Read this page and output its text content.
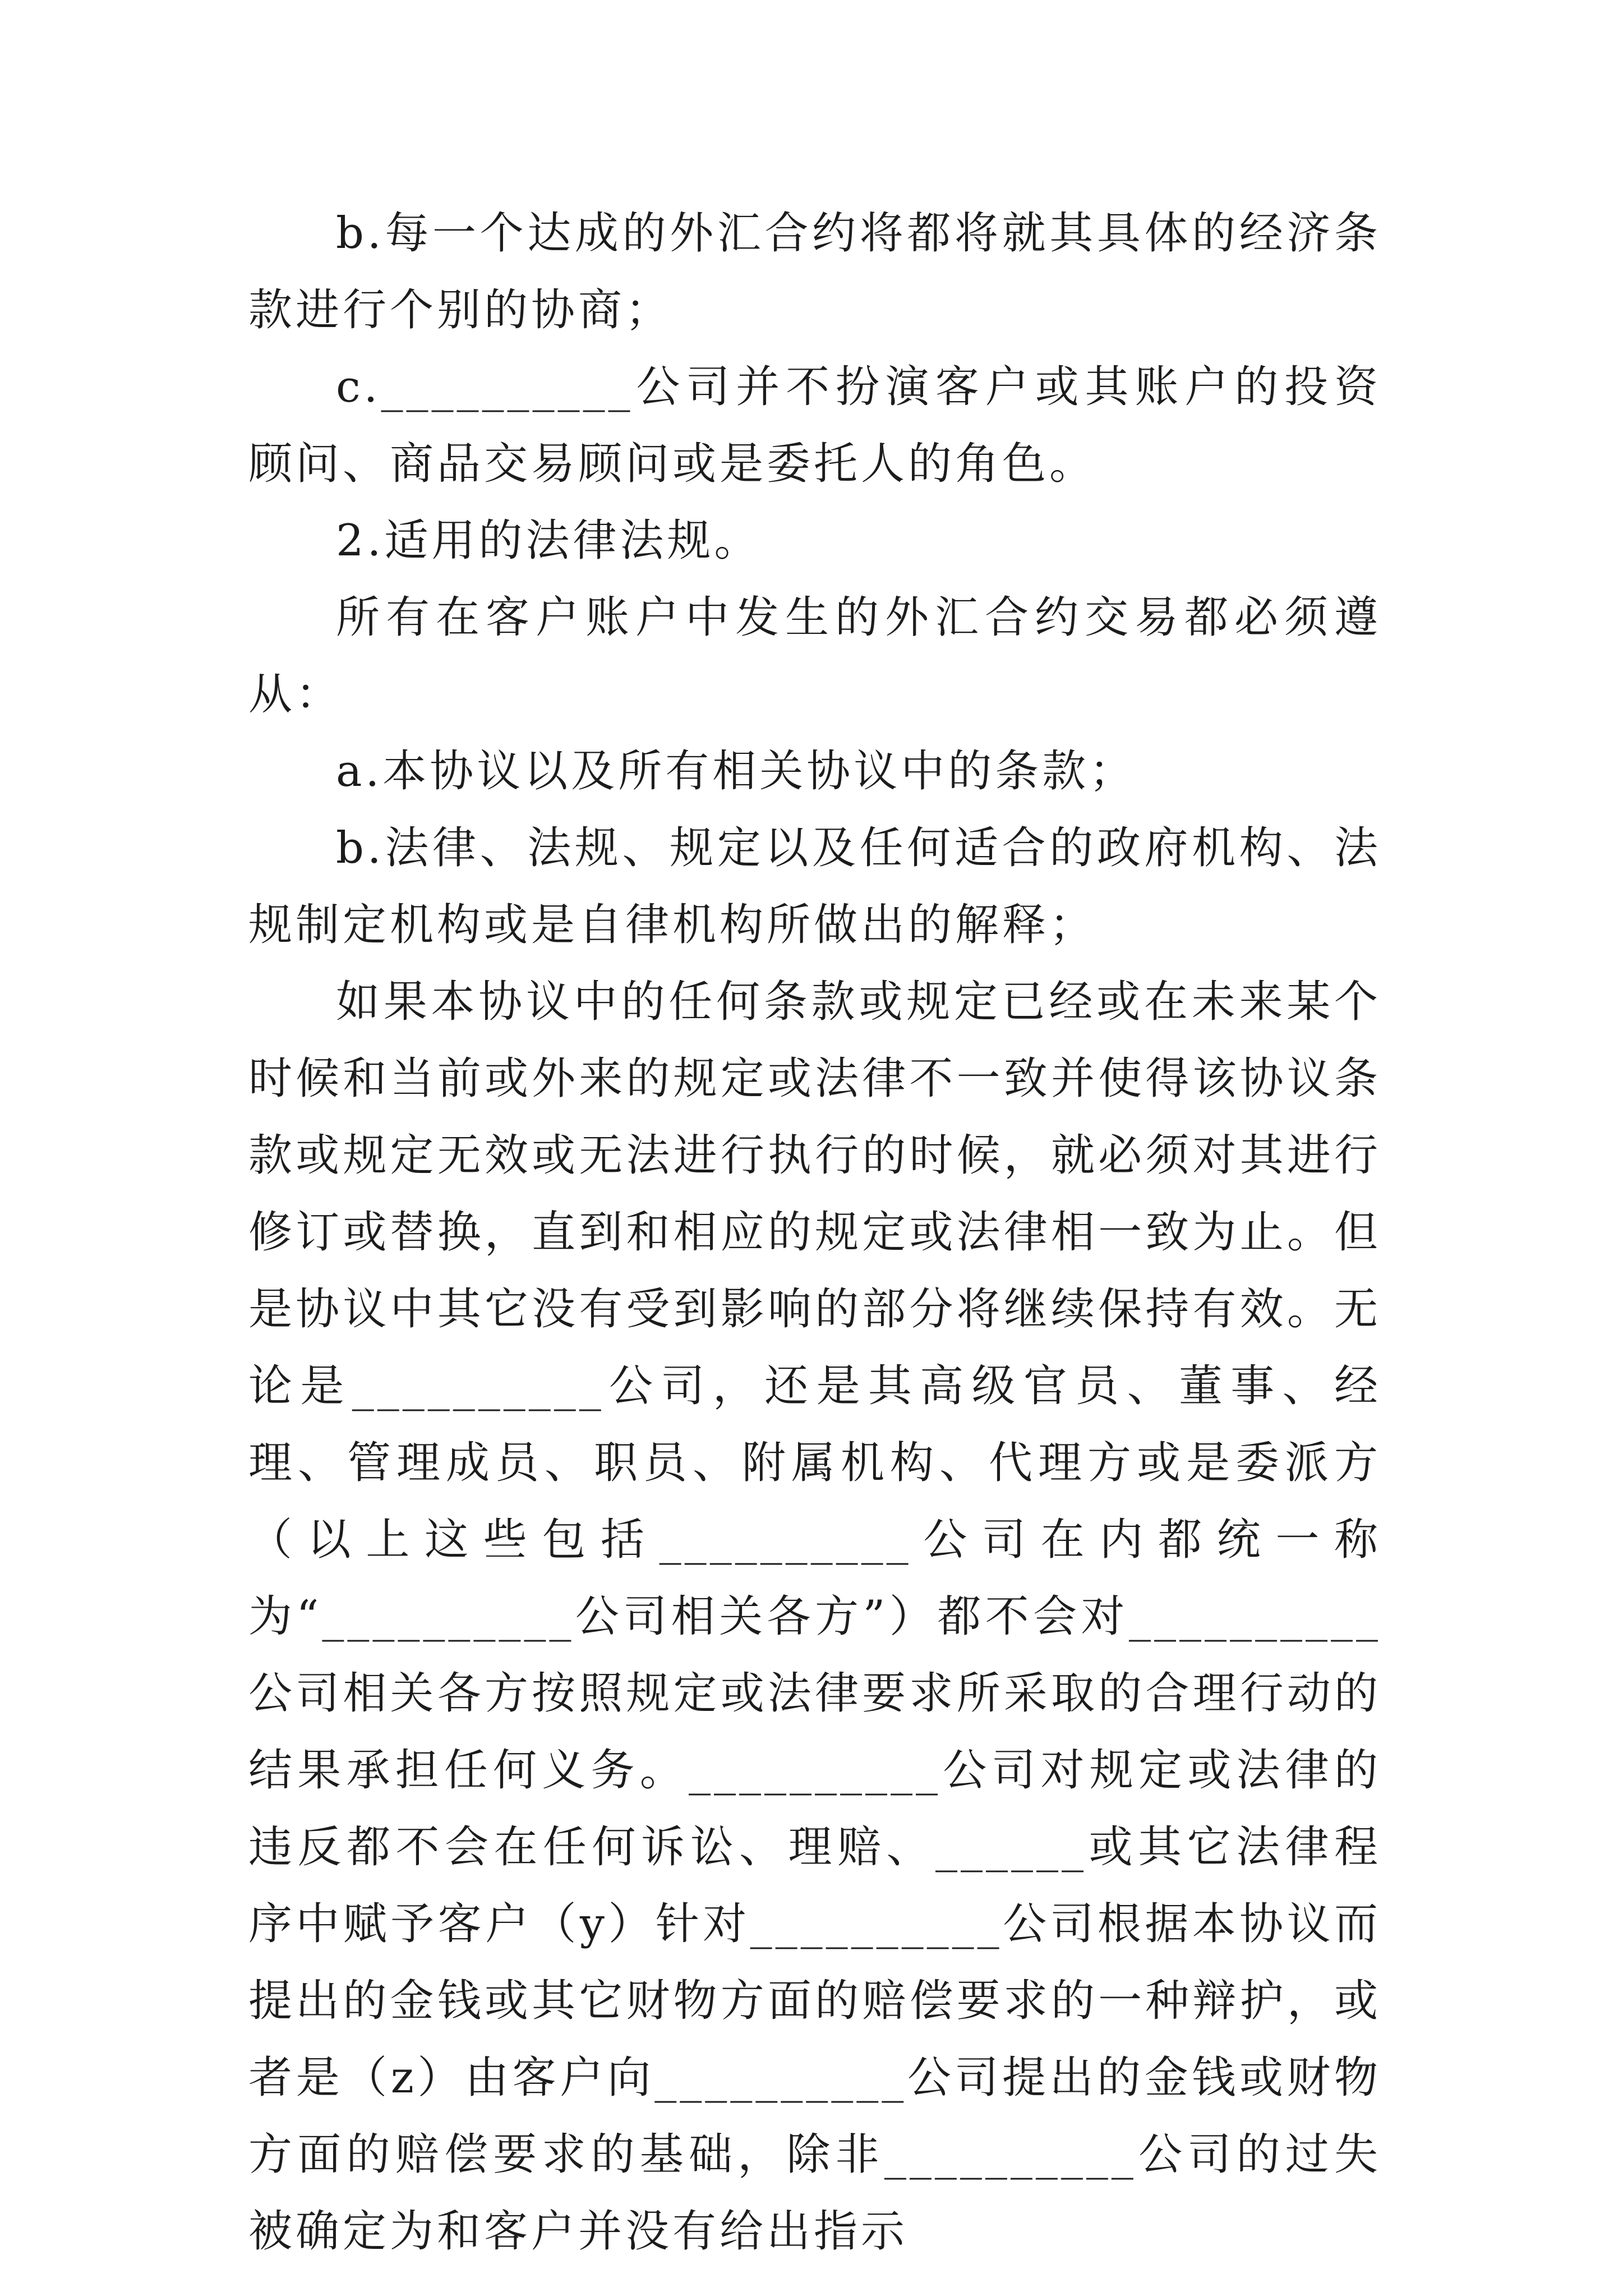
b.每一个达成的外汇合约将都将就其具体的经济条款进行个别的协商；

c.__________公司并不扮演客户或其账户的投资顾问、商品交易顾问或是委托人的角色。

2.适用的法律法规。

所有在客户账户中发生的外汇合约交易都必须遵从：

a.本协议以及所有相关协议中的条款；

b.法律、法规、规定以及任何适合的政府机构、法规制定机构或是自律机构所做出的解释；

如果本协议中的任何条款或规定已经或在未来某个时候和当前或外来的规定或法律不一致并使得该协议条款或规定无效或无法进行执行的时候，就必须对其进行修订或替换，直到和相应的规定或法律相一致为止。但是协议中其它没有受到影响的部分将继续保持有效。无论是__________公司，还是其高级官员、董事、经理、管理成员、职员、附属机构、代理方或是委派方（以上这些包括__________公司在内都统一称为“__________公司相关各方”）都不会对__________公司相关各方按照规定或法律要求所采取的合理行动的结果承担任何义务。__________公司对规定或法律的违反都不会在任何诉讼、理赔、______或其它法律程序中赋予客户（y）针对__________公司根据本协议而提出的金钱或其它财物方面的赔偿要求的一种辩护，或者是（z）由客户向__________公司提出的金钱或财物方面的赔偿要求的基础，除非__________公司的过失被确定为和客户并没有给出指示
